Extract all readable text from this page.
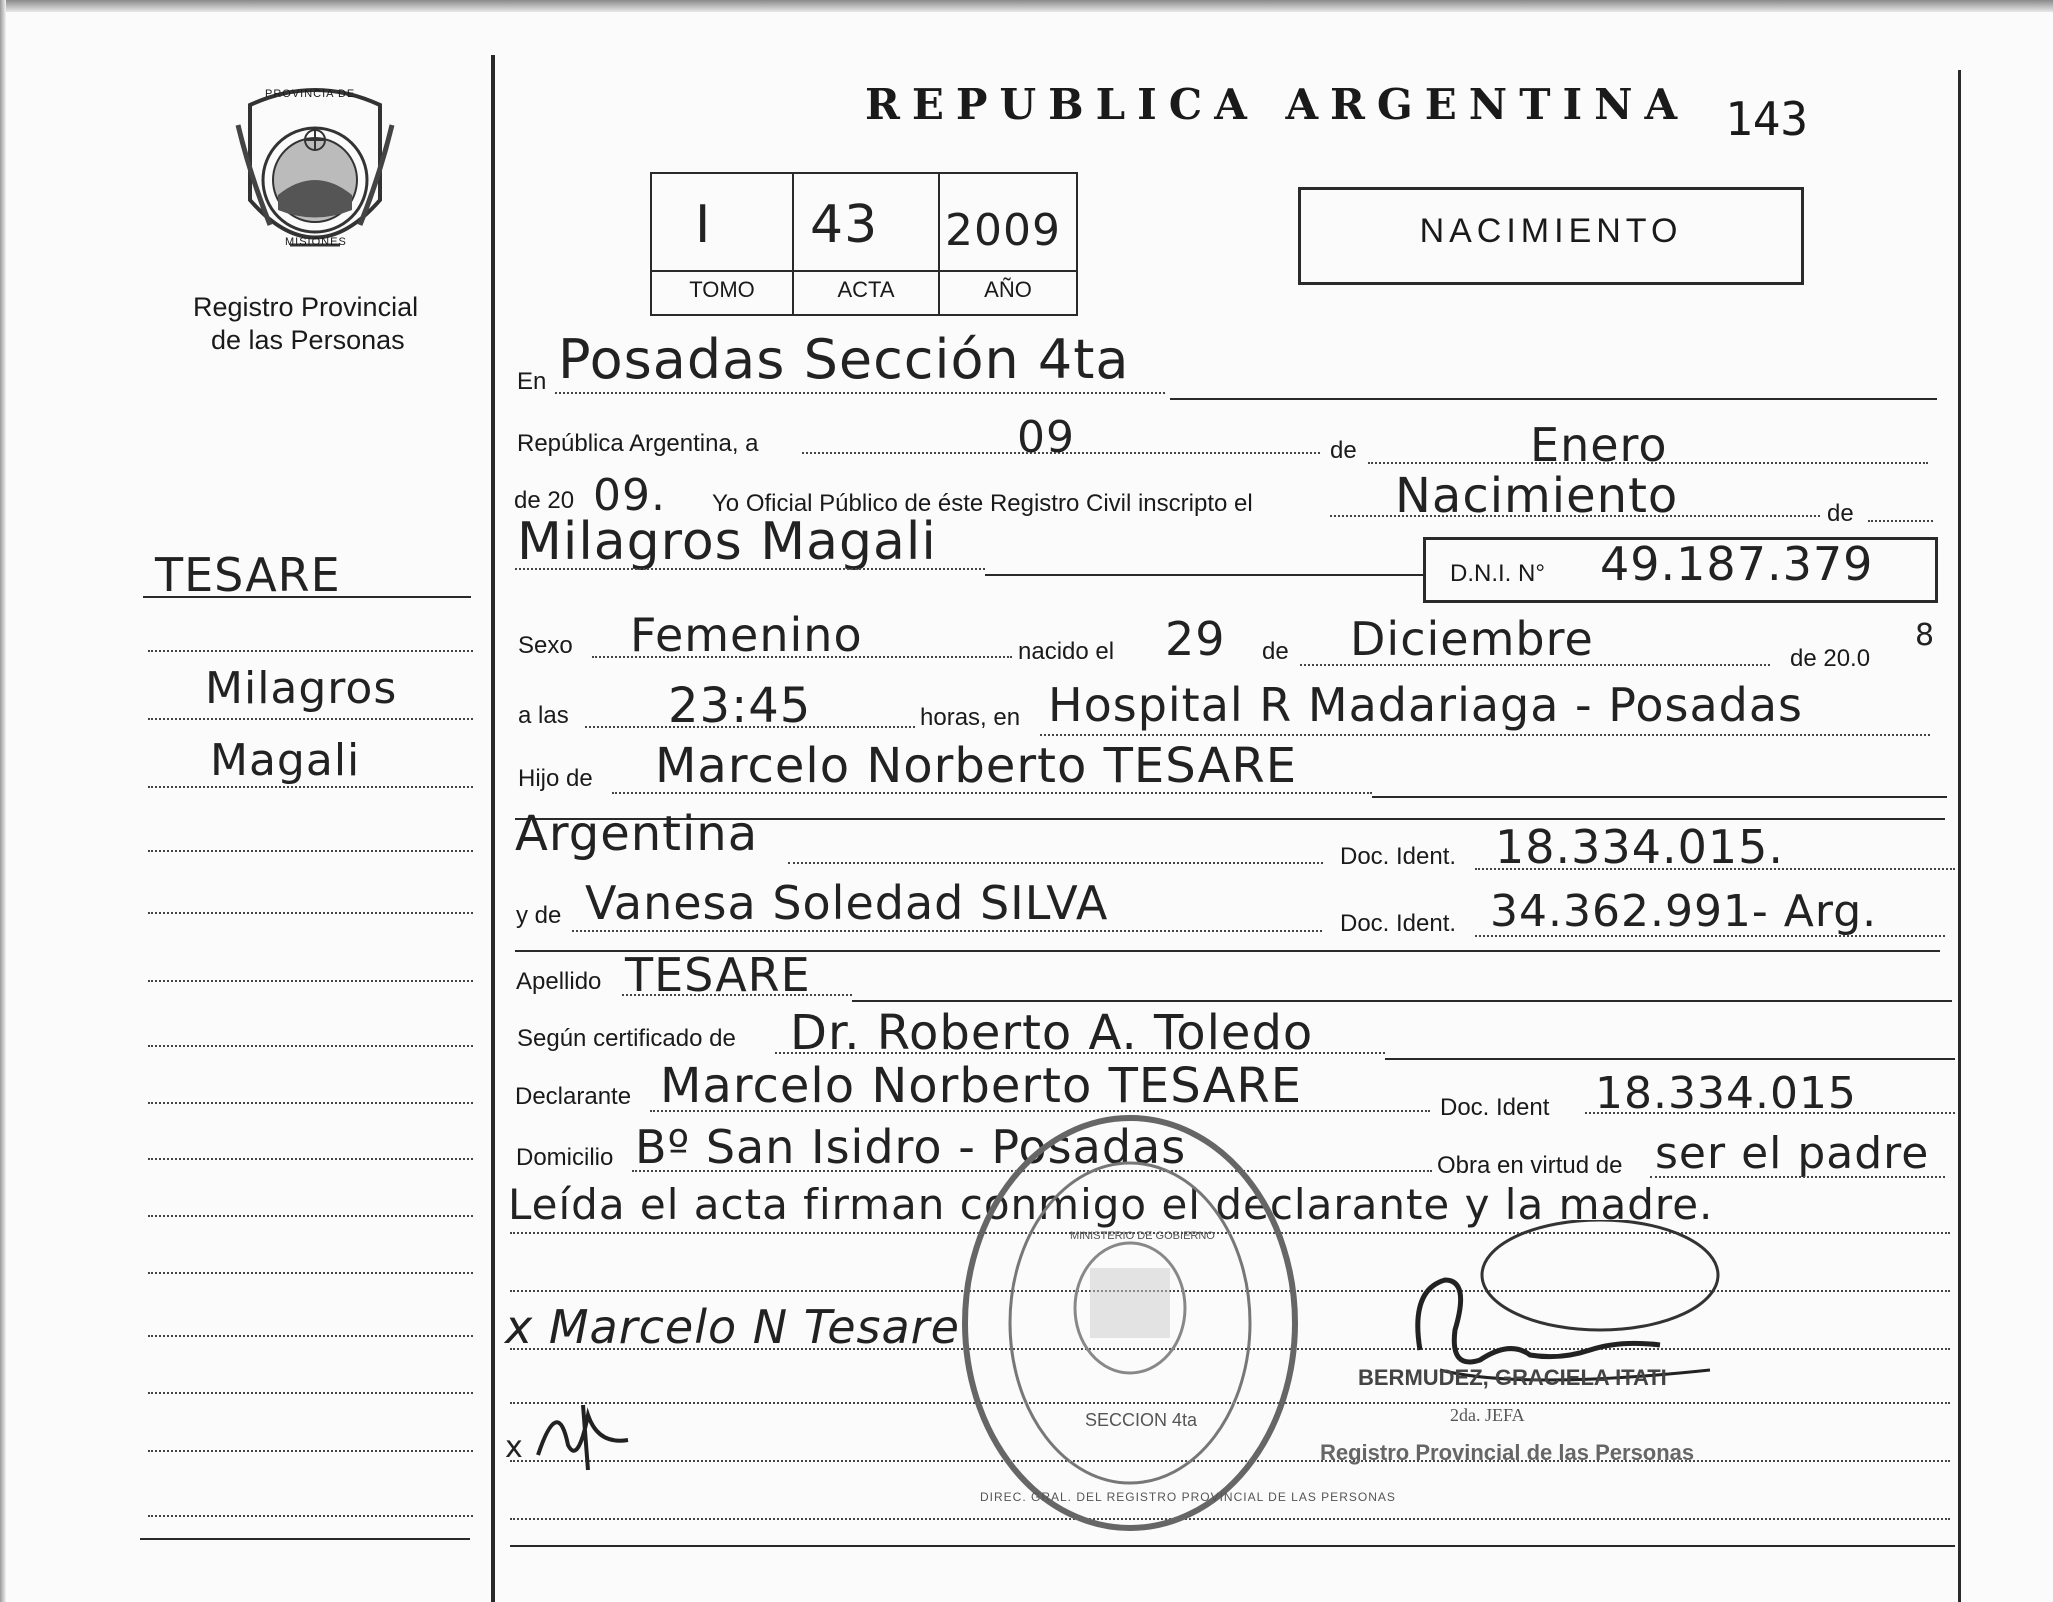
PROVINCIA DE
MISIONES
Registro Provincial
de las Personas
REPUBLICA ARGENTINA 143
I 43 2009
TOMO	ACTA	AÑO
NACIMIENTO
TESARE
Milagros
Magali
En Posadas Sección 4ta
República Argentina, a	09	de	Enero
de 20 09. Yo Oficial Público de éste Registro Civil inscripto el	Nacimiento	de
Milagros Magali
D.N.I. N° 49.187.379
Sexo Femenino	nacido el 29 de Diciembre	de 20.0
8
a las 23:45	horas, en Hospital R Madariaga - Posadas
Hijo de Marcelo Norberto TESARE
Argentina	Doc. Ident. 18.334.015.
y de Vanesa Soledad SILVA	Doc. Ident. 34.362.991- Arg.
Apellido TESARE
Según certificado de Dr. Roberto A. Toledo
Declarante Marcelo Norberto TESARE	Doc. Ident 18.334.015
Domicilio Bº San Isidro - Posadas	Obra en virtud de ser el padre
Leída el acta firman conmigo el declarante y la madre.
x Marcelo N Tesare
x
DIREC. GRAL. DEL REGISTRO PROVINCIAL DE LAS PERSONAS
MINISTERIO DE GOBIERNO
SECCION 4ta
BERMUDEZ, GRACIELA ITATI
2da. JEFA
Registro Provincial de las Personas
